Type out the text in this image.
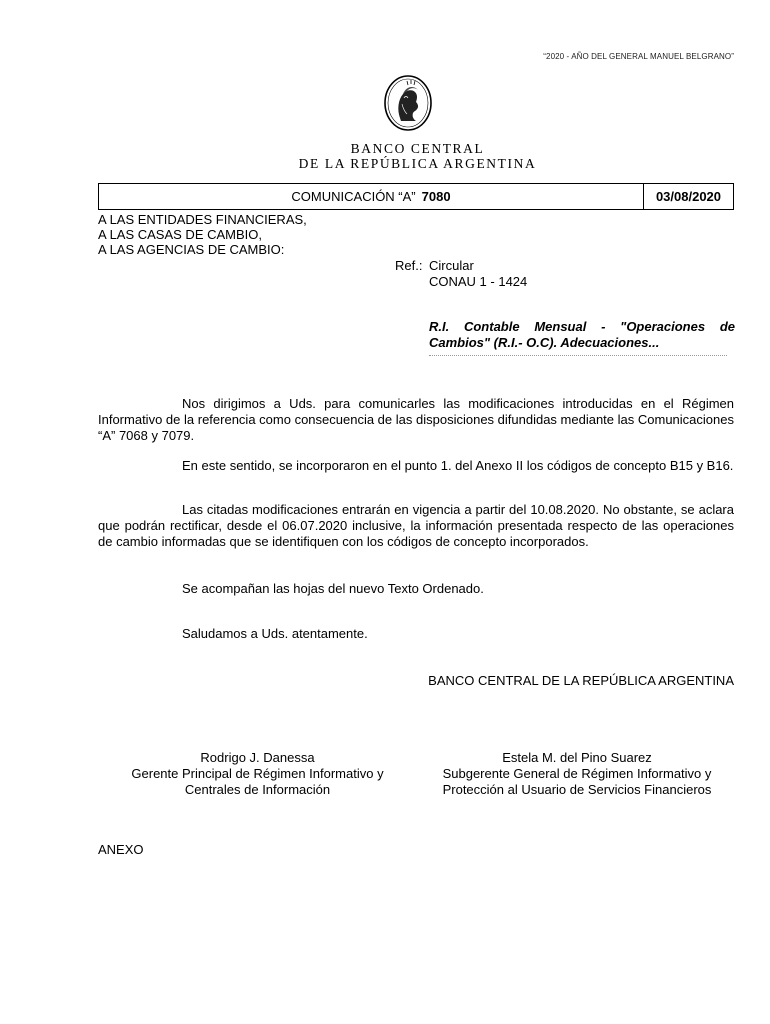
“2020 - AÑO DEL GENERAL MANUEL BELGRANO”
BANCO CENTRAL
DE LA REPÚBLICA ARGENTINA
COMUNICACIÓN “A” 7080	03/08/2020
A LAS ENTIDADES FINANCIERAS,
A LAS CASAS DE CAMBIO,
A LAS AGENCIAS DE CAMBIO:
Ref.: Circular
CONAU 1 - 1424
R.I. Contable Mensual - "Operaciones de Cambios" (R.I.- O.C). Adecuaciones...
Nos dirigimos a Uds. para comunicarles las modificaciones introducidas en el Régimen Informativo de la referencia como consecuencia de las disposiciones difundidas mediante las Comunicaciones “A” 7068 y 7079.
En este sentido, se incorporaron en el punto 1. del Anexo II los códigos de concepto B15 y B16.
Las citadas modificaciones entrarán en vigencia a partir del 10.08.2020. No obstante, se aclara que podrán rectificar, desde el 06.07.2020 inclusive, la información presentada respecto de las operaciones de cambio informadas que se identifiquen con los códigos de concepto incorporados.
Se acompañan las hojas del nuevo Texto Ordenado.
Saludamos a Uds. atentamente.
BANCO CENTRAL DE LA REPÚBLICA ARGENTINA
Rodrigo J. Danessa
Gerente Principal de Régimen Informativo y
Centrales de Información
Estela M. del Pino Suarez
Subgerente General de Régimen Informativo y
Protección al Usuario de Servicios Financieros
ANEXO
